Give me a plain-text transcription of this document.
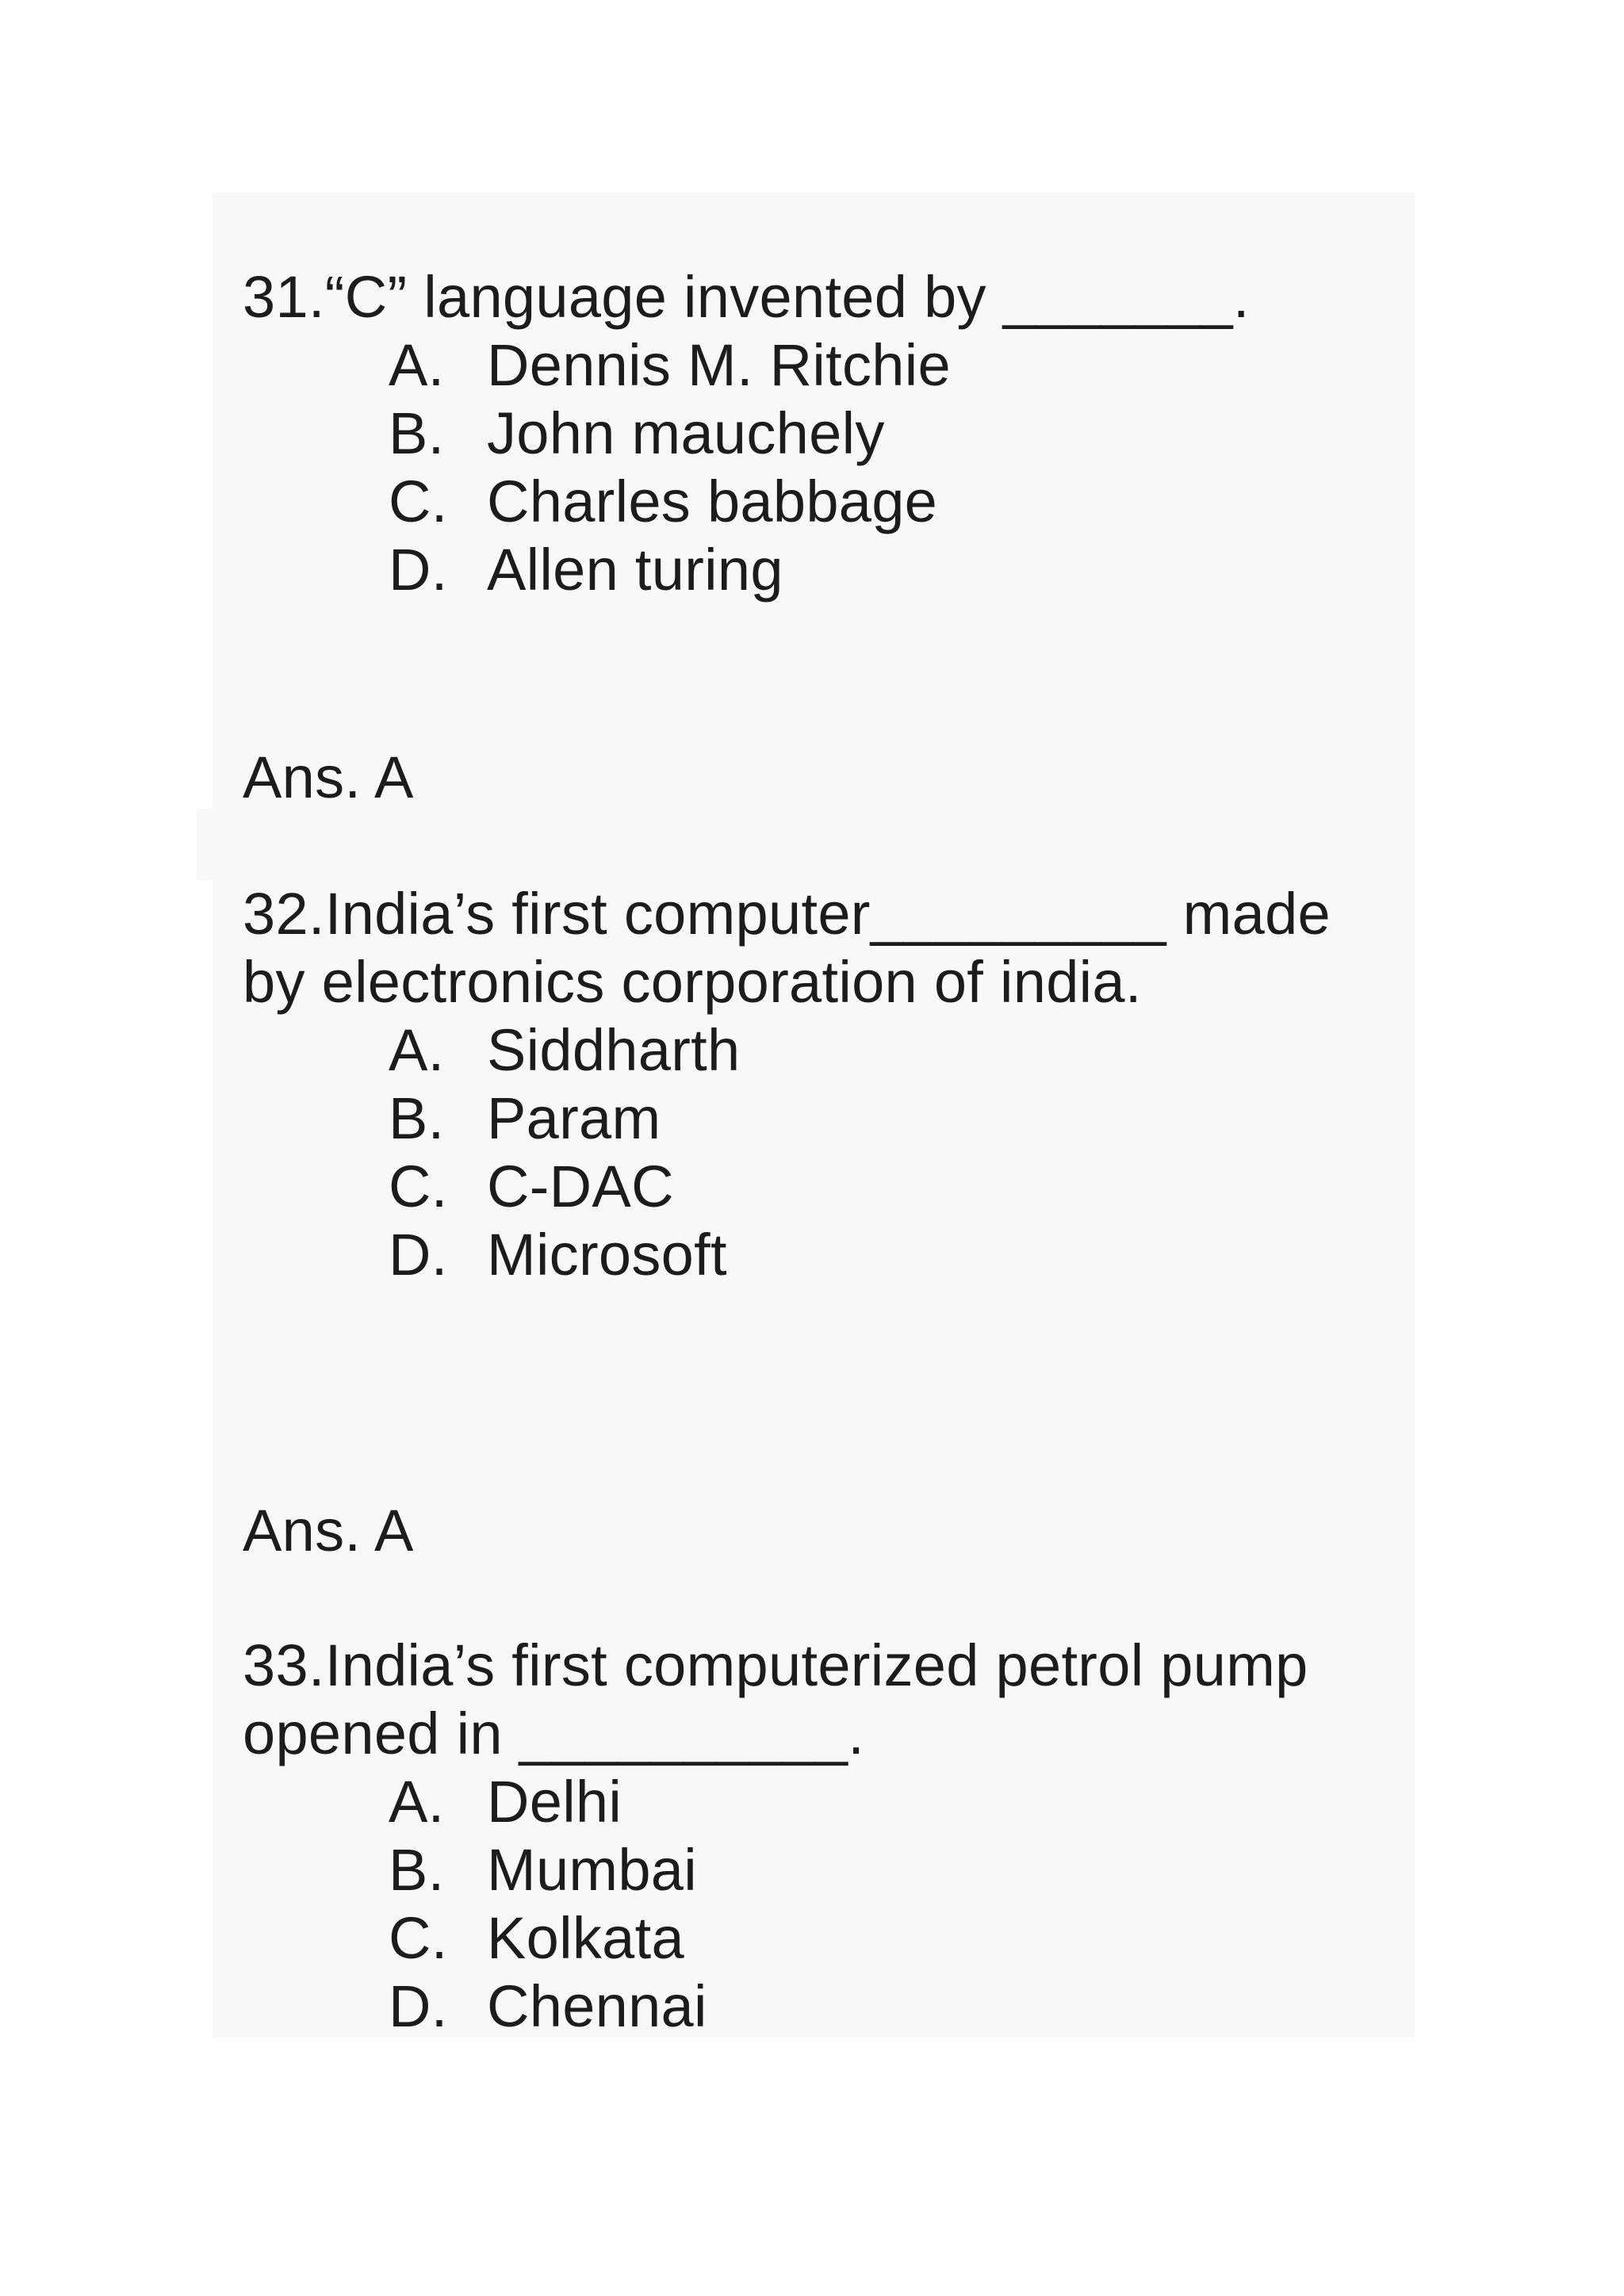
31.“C” language invented by _______.
A. Dennis M. Ritchie
B. John mauchely
C. Charles babbage
D. Allen turing
Ans. A
32.India’s first computer_________ made
by electronics corporation of india.
A. Siddharth
B. Param
C. C-DAC
D. Microsoft
Ans. A
33.India’s first computerized petrol pump
opened in __________.
A. Delhi
B. Mumbai
C. Kolkata
D. Chennai
